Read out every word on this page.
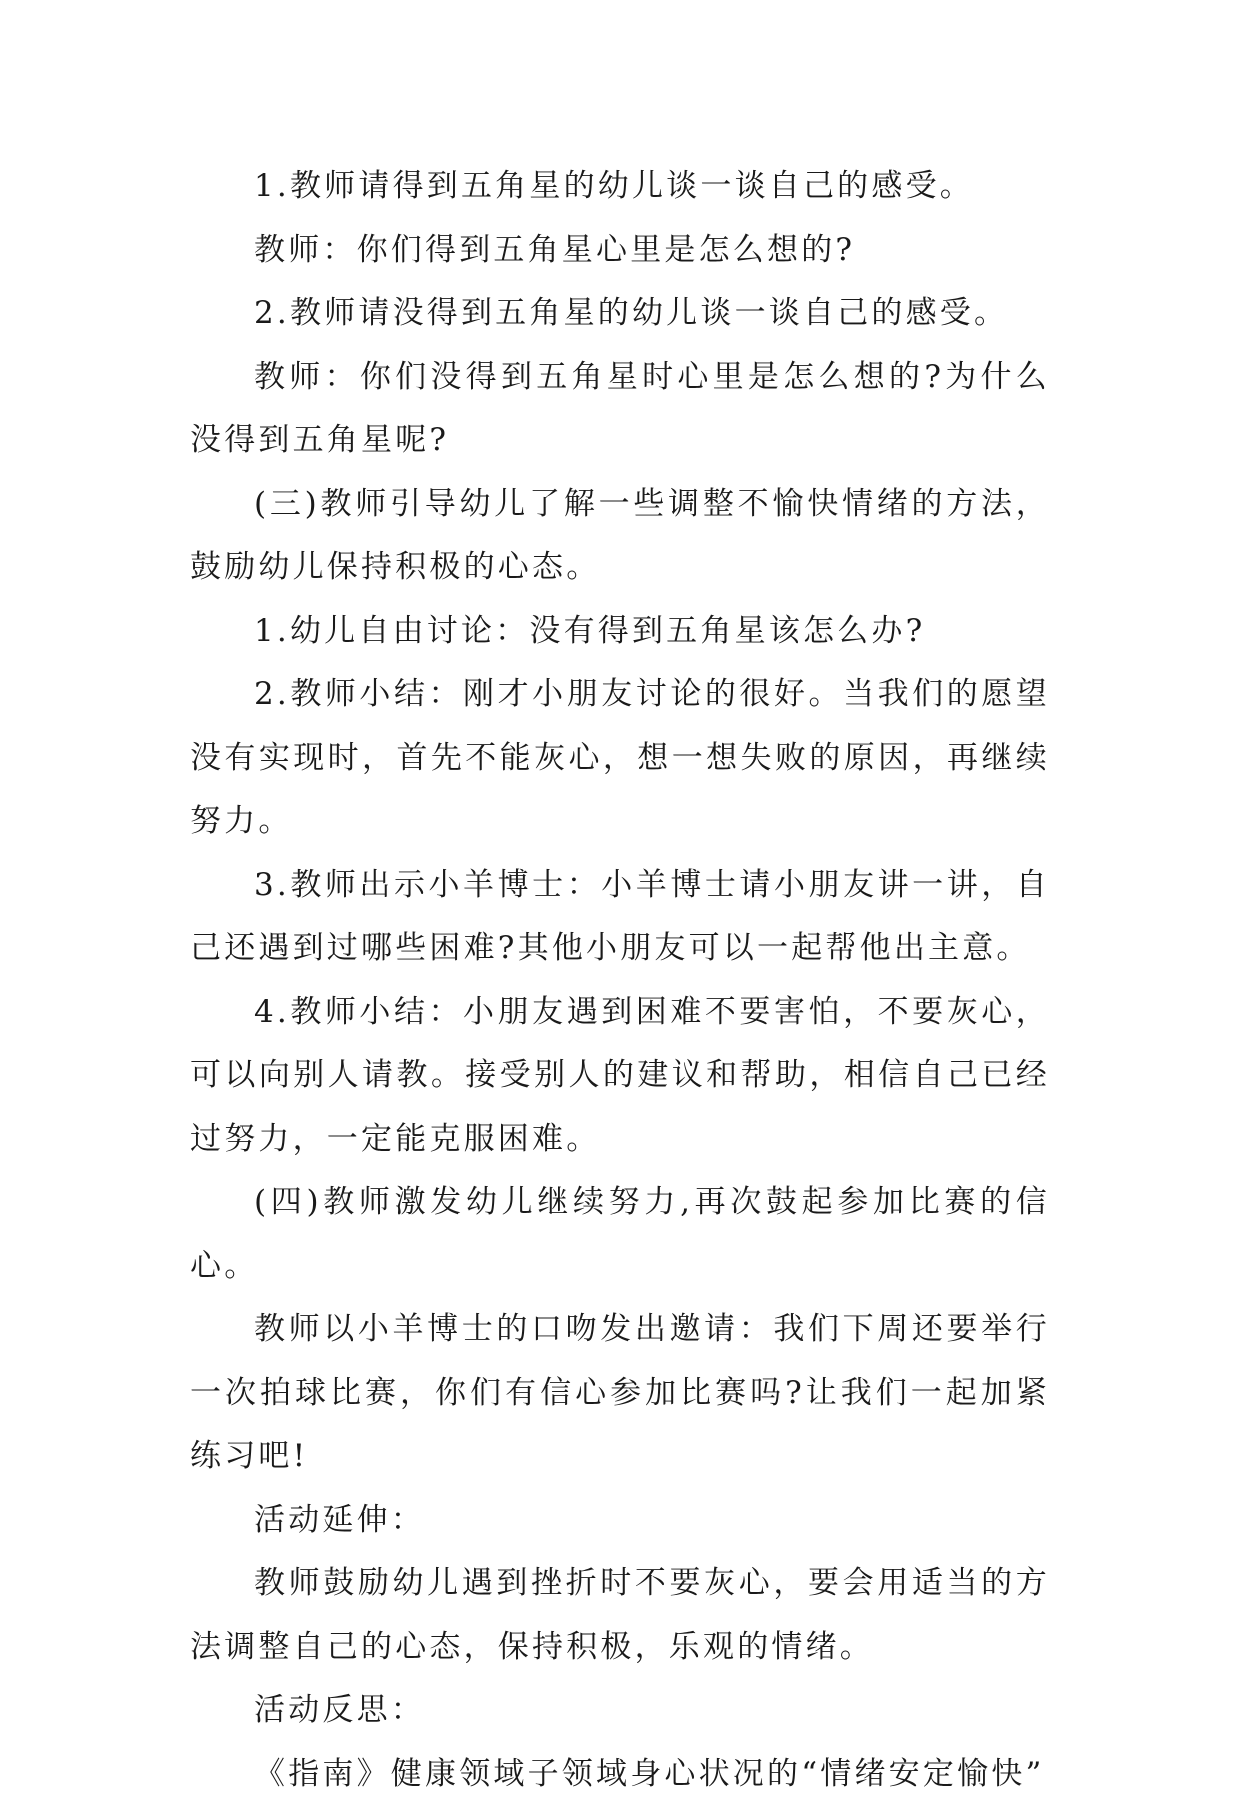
1.教师请得到五角星的幼儿谈一谈自己的感受。

教师：你们得到五角星心里是怎么想的?

2.教师请没得到五角星的幼儿谈一谈自己的感受。

教师：你们没得到五角星时心里是怎么想的?为什么没得到五角星呢?

(三)教师引导幼儿了解一些调整不愉快情绪的方法，鼓励幼儿保持积极的心态。

1.幼儿自由讨论：没有得到五角星该怎么办?

2.教师小结：刚才小朋友讨论的很好。当我们的愿望没有实现时，首先不能灰心，想一想失败的原因，再继续努力。

3.教师出示小羊博士：小羊博士请小朋友讲一讲，自己还遇到过哪些困难?其他小朋友可以一起帮他出主意。

4.教师小结：小朋友遇到困难不要害怕，不要灰心，可以向别人请教。接受别人的建议和帮助，相信自己已经过努力，一定能克服困难。

(四)教师激发幼儿继续努力,再次鼓起参加比赛的信心。

教师以小羊博士的口吻发出邀请：我们下周还要举行一次拍球比赛，你们有信心参加比赛吗?让我们一起加紧练习吧!

活动延伸：

教师鼓励幼儿遇到挫折时不要灰心，要会用适当的方法调整自己的心态，保持积极，乐观的情绪。

活动反思：

《指南》健康领域子领域身心状况的“情绪安定愉快”
